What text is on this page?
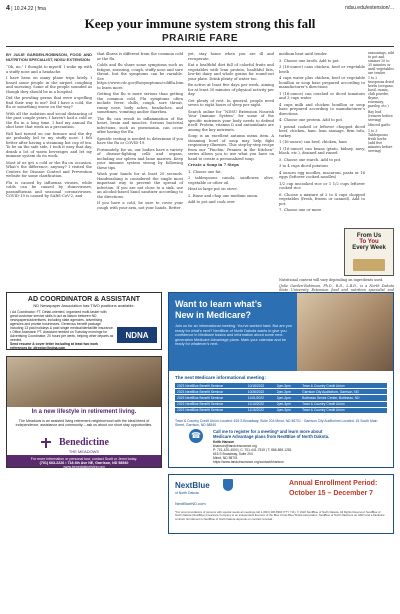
4 | 10.24.22 | fma	ndsu.edu/extension/...
Keep your immune system strong this fall
PRAIRIE FARE
BY JULIE GARDEN-ROBINSON, FOOD AND NUTRITION SPECIALIST, NDSU EXTENSION

“Oh, no,” I thought to myself. I woke up with a stuffy nose and a headache.

I have been on many plane trips lately. I heard some people in the airport coughing and sneezing. Some of the people sounded as though they should be in a hospital.

Did the prowling germs that were a-spelling find their way to me? Did I have a cold, the flu or something worse on the way?

With all the isolation and social distancing of the past couple years, I haven’t had a cold or the flu in a long time. I had my annual flu shot later that week as a precaution.

Fall had turned on our furnace and the dry air probably led to my stuffy nose. I felt better after having a steaming hot cup of tea. To be on the safe side, I took it easy that day, drank a lot of warm beverages and let my immune system do its work.

Most of us get a cold or the flu on occasion. What’s the difference, anyway? I visited the Centers for Disease Control and Prevention website for some clarification.

Flu is caused by influenza viruses, while colds can be caused by rhinoviruses, parainfluenza and seasonal coronaviruses. COVID-19 is caused by SARS-CoV-2, and

that illness is different from the common cold or the flu.

Colds and flu share some symptoms such as fatigue, sneezing, cough, stuffy nose and sore throat, but the symptoms can be variable. See https://www.cdc.gov/flu/symptoms/coldflu.htm to learn more.

Getting the flu is more serious than getting the common cold. Flu symptoms often include fever, chills, cough, sore throat, runny nose, body aches, headaches, and sometimes, vomiting and/or diarrhea.

The flu can result in inflammation of the heart, brain and muscles. Serious bacterial infections, such as pneumonia, can occur after having the flu.

Specific testing is needed to determine if you have the flu or COVID-19.

Fortunately, for us, our bodies have a variety of disease-fighting cells and organs, including our spleen and bone marrow. Keep your immune system strong by following these tips.

Wash your hands for at least 20 seconds. Handwashing is considered the single most important way to prevent the spread of infection. If you are not close to a sink, use an alcohol-based hand sanitizer according to the directions.

If you have a cold, be sure to cover your cough with your arm, not your hands. Better

yet, stay home when you are ill and recuperate.

Eat a healthful diet full of colorful fruits and vegetables with lean protein, healthful fats, low-fat dairy and whole grains for round-out your plate. Drink plenty of water too.

Be active at least five days per week, aiming for at least 30 minutes of physical activity per day.

Get plenty of rest. In general, people need seven to eight hours of sleep per night.

Search online for “NDSU Extension Nourish Your Immune System” for some of the specific nutrients your body needs to defend itself. Protein, vitamin D and antioxidants are among the key nutrients.

Soup is an excellent autumn menu item. A steaming bowl of soup may help fight respiratory illnesses. This step-by-step recipe from our “Pinchin’ Pennies in the Kitchen” series allows you to use what you have on hand to create a personalized soup.

Create a Soup in 7 Steps

1. Choose one fat.

2 tablespoons canola, sunflower, olive, vegetable or other oil

Heat in large pot on stove.

2. Rinse and chop one medium onion.

Add to pot and cook over

medium heat until tender.

3. Choose one broth. Add to pot.

3 (16-ounce) cans chicken, beef or vegetable broth

4 cups water plus chicken, beef or vegetable bouillon or soup base prepared according to manufacturer’s directions

1 (16-ounce) can crushed or diced tomatoes and 3 cups water

4 cups milk and chicken bouillon or soup base prepared according to manufacturer’s directions

4. Choose one protein. Add to pot.

1 pound cooked or leftover chopped diced beef, chicken, ham, lean sausage, firm tofu, turkey

1 (16-ounce) can beef, chicken, ham

1 (16-ounce) can beans (pinto, kidney, navy, black, etc.), drained and rinsed

5. Choose one starch. Add to pot.

3 to 4 cups diced potatoes

4 ounces egg noodles, macaroni, pasta or 16 eggs (leftover cooked noodles)

1/2 cup uncooked rice or 1 1/2 cups leftover cooked rice

6. Choose a mixture of 2 to 4 cups chopped vegetables (fresh, frozen or canned). Add to pot.

7. Choose one or more

seasonings, add to pot and simmer 20 to 35 minutes or until vegetables are tender.

1 to 2 teaspoons dried herbs (oregano, basil, cumin, chili powder, thyme, rosemary, parsley, etc.)

Bay leaf (remove before serving)

Minced garlic

1 to 3 Tablespoons fresh herbs (add five minutes before serving)

Nutritional content will vary depending on ingredients used.

(Julie Garden-Robinson, Ph.D., R.D., L.R.D., is a North Dakota State University Extension food and nutrition specialist and

From Us
To You
Every Week
AD COORDINATOR & ASSISTANT
ND Newspaper Association has TWO positions available.

• Ad Coordinator: FT. Detail-oriented, organized multi-tasker with great customer service skills to act as liaison between ND newspapers/advertisers, including state agencies, advertising agencies and private businesses. Generous benefit package including 13 paid holidays & paid single medical/dental/life insurance.

• Office Assistant: PT. Assistant needed on Tuesday mornings for Advertising Coordinator. 20 hours per week, helping other departs as needed.

Send resume & cover letter including at least two work references to: director@ndna.com

NDNA
In a new lifestyle in retirement living.
The Meadows is an assisted living retirement neighborhood with the ideal blend of independence, assistance and community – ask us about our short stay opportunities.
Benedictine
THE MEADOWS
For more information or personal tour, contact Scott or Jenni today.
(701) 663-2226 • 718 4th Ave NE, Garrison, ND 58540
www.benedictineliving.org
Want to learn what’s
New in Medicare?
Join us for an informational meeting. You’ve worked hard. But are you ready for what’s next? NextBlue of North Dakota wants to give you confidence in Medicare basics and information about some next-generation Medicare Advantage plans. Mark your calendar and be ready for whatever’s next.
The next Medicare informational meeting:
2023 NextBlue Benefit Seminar	10/18/2022	2pm-3pm	Town & Country Credit Union
2023 NextBlue Benefit Seminar	10/26/2022	2pm-3pm	Garrison City Auditorium, Garrison, ND
2023 NextBlue Benefit Seminar	11/01/2022	2pm-3pm	Bottineau Senior Center, Bottineau, ND
2023 NextBlue Benefit Seminar	11/10/2022	2pm-3pm	Town & Country Credit Union
2023 NextBlue Benefit Seminar	11/16/2022	2pm-3pm	Town & Country Credit Union
Town & Country Credit Union Located: 615 S Broadway, Suite 204 Minot, ND 58701 · Garrison City Auditorium Located: 15 South Main Street, Garrison, ND 58540
☎	Call me to register for a meeting* and learn more about
Medicare Advantage plans from NextBlue of North Dakota.
Keith Hanson
khanson@tandcinsurance.org
P: 701-420-4000 | C: 701-441-7519 | T: 866-659-1281
615 S Broadway, Suite 204
Minot, ND 58701
https://www.tandcinsurance.org/contact/khanson
NextBlue
of North Dakota
NextBlueND.com
Annual Enrollment Period:
October 15 – December 7
*For accommodations of persons with special needs at meetings call 1-(844) 296-8990 (TTY 711). © 2022 NextBlue of North Dakota. All Rights Reserved. NextBlue of North Dakota (NextBlue) Insurance Company is an independent licensee of the Blue Cross Blue Shield Association. NextBlue of North Dakota is an HMO and a Medicare contract. Enrollment in NextBlue of North Dakota depends on contract renewal.
